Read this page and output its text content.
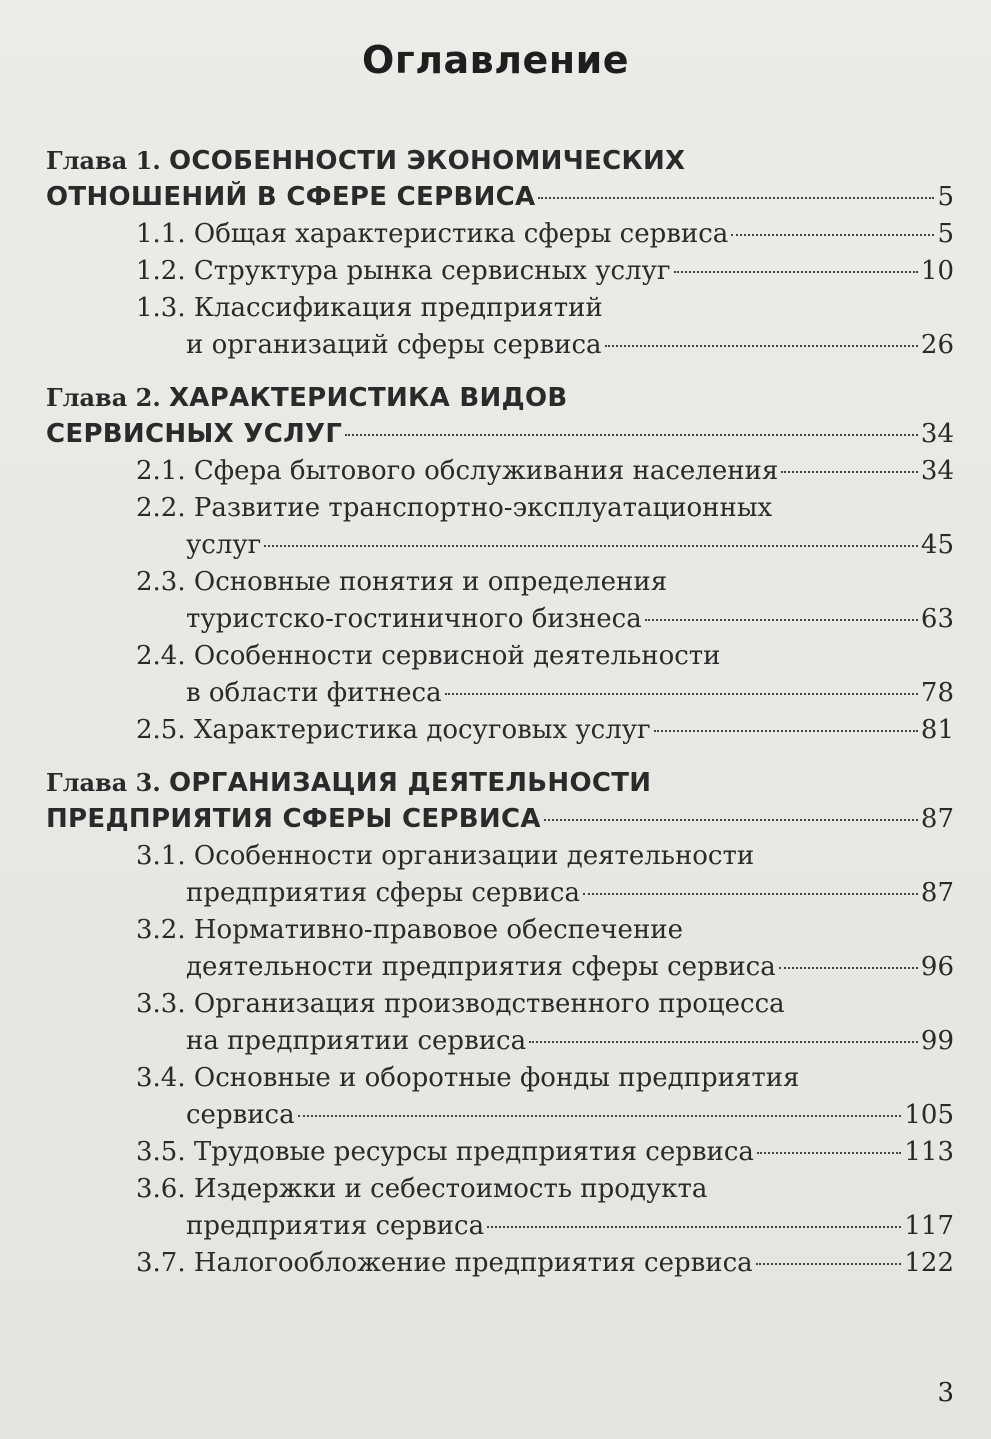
Оглавление
Глава 1.
ОСОБЕННОСТИ ЭКОНОМИЧЕСКИХ
ОТНОШЕНИЙ В СФЕРЕ СЕРВИСА	5
1.1. Общая характеристика сферы сервиса	5
1.2. Структура рынка сервисных услуг	10
1.3. Классификация предприятий
и организаций сферы сервиса	26
Глава 2.
ХАРАКТЕРИСТИКА ВИДОВ
СЕРВИСНЫХ УСЛУГ	34
2.1. Сфера бытового обслуживания населения	34
2.2. Развитие транспортно-эксплуатационных
услуг	45
2.3. Основные понятия и определения
туристско-гостиничного бизнеса	63
2.4. Особенности сервисной деятельности
в области фитнеса	78
2.5. Характеристика досуговых услуг	81
Глава 3.
ОРГАНИЗАЦИЯ ДЕЯТЕЛЬНОСТИ
ПРЕДПРИЯТИЯ СФЕРЫ СЕРВИСА	87
3.1. Особенности организации деятельности
предприятия сферы сервиса	87
3.2. Нормативно-правовое обеспечение
деятельности предприятия сферы сервиса	96
3.3. Организация производственного процесса
на предприятии сервиса	99
3.4. Основные и оборотные фонды предприятия
сервиса	105
3.5. Трудовые ресурсы предприятия сервиса	113
3.6. Издержки и себестоимость продукта
предприятия сервиса	117
3.7. Налогообложение предприятия сервиса	122
3
